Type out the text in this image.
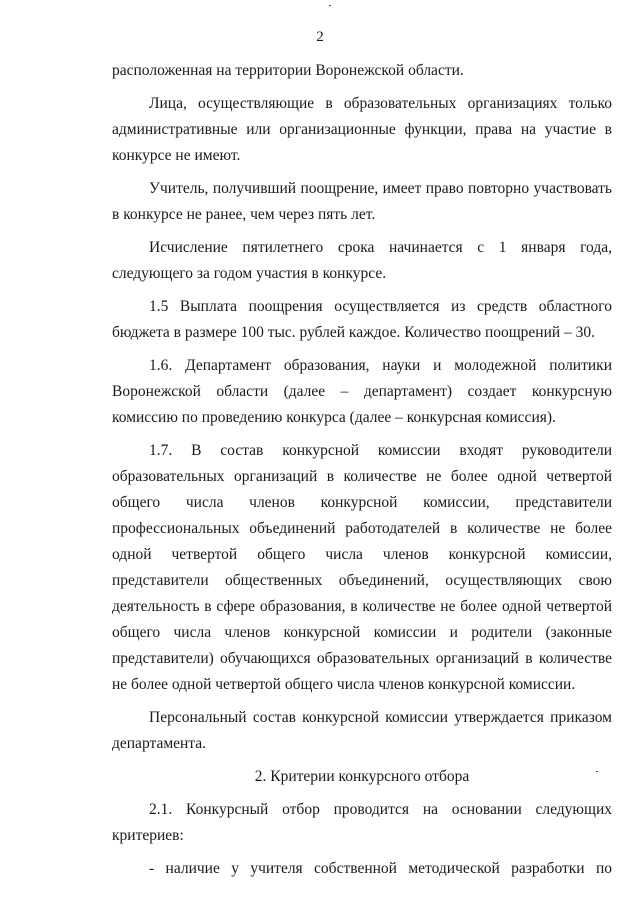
2

расположенная на территории Воронежской области.

Лица, осуществляющие в образовательных организациях только административные или организационные функции, права на участие в конкурсе не имеют.

Учитель, получивший поощрение, имеет право повторно участвовать в конкурсе не ранее, чем через пять лет.

Исчисление пятилетнего срока начинается с 1 января года, следующего за годом участия в конкурсе.

1.5 Выплата поощрения осуществляется из средств областного бюджета в размере 100 тыс. рублей каждое. Количество поощрений – 30.

1.6. Департамент образования, науки и молодежной политики Воронежской области (далее – департамент) создает конкурсную комиссию по проведению конкурса (далее – конкурсная комиссия).

1.7. В состав конкурсной комиссии входят руководители образовательных организаций в количестве не более одной четвертой общего числа членов конкурсной комиссии, представители профессиональных объединений работодателей в количестве не более одной четвертой общего числа членов конкурсной комиссии, представители общественных объединений, осуществляющих свою деятельность в сфере образования, в количестве не более одной четвертой общего числа членов конкурсной комиссии и родители (законные представители) обучающихся образовательных организаций в количестве не более одной четвертой общего числа членов конкурсной комиссии.

Персональный состав конкурсной комиссии утверждается приказом департамента.

2. Критерии конкурсного отбора

2.1. Конкурсный отбор проводится на основании следующих критериев:

- наличие у учителя собственной методической разработки по
